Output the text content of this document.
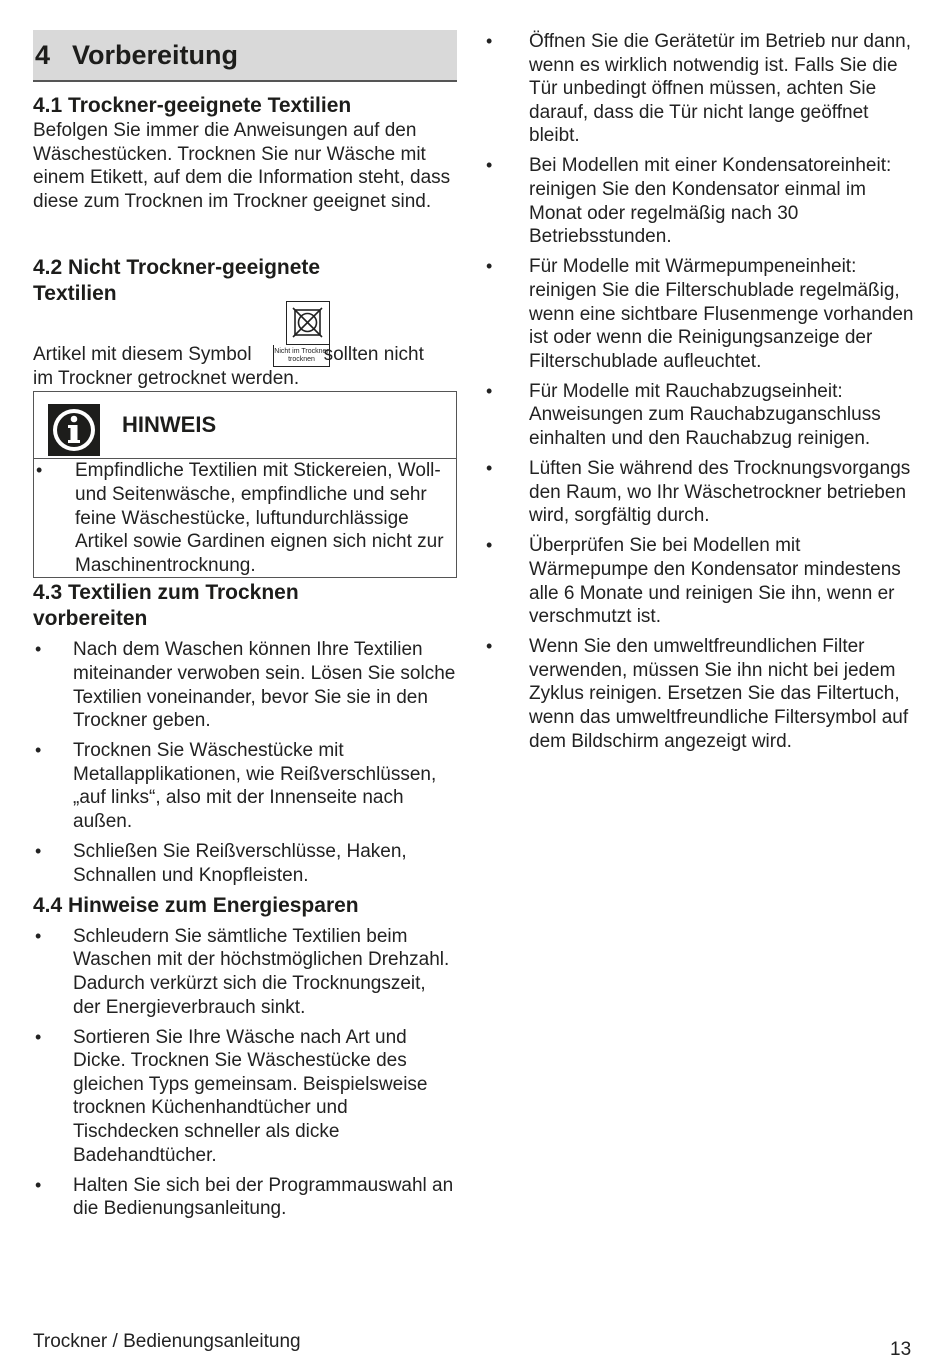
4 Vorbereitung
4.1 Trockner-geeignete Textilien

Befolgen Sie immer die Anweisungen auf den Wäschestücken. Trocknen Sie nur Wäsche mit einem Etikett, auf dem die Information steht, dass diese zum Trocknen im Trockner geeignet sind.

4.2 Nicht Trockner-geeignete
Textilien
Nicht im Trockner trocknen
Artikel mit diesem Symbol	sollten nicht
im Trockner getrocknet werden.
HINWEIS
• Empfindliche Textilien mit Stickereien, Woll- und Seitenwäsche, empfindliche und sehr feine Wäschestücke, luftundurchlässige Artikel sowie Gardinen eignen sich nicht zur Maschinentrocknung.
4.3 Textilien zum Trocknen
vorbereiten
• Nach dem Waschen können Ihre Textilien miteinander verwoben sein. Lösen Sie solche Textilien voneinander, bevor Sie sie in den Trockner geben.
• Trocknen Sie Wäschestücke mit Metallapplikationen, wie Reißverschlüssen, „auf links“, also mit der Innenseite nach außen.
• Schließen Sie Reißverschlüsse, Haken, Schnallen und Knopfleisten.
4.4 Hinweise zum Energiesparen
• Schleudern Sie sämtliche Textilien beim Waschen mit der höchstmöglichen Drehzahl. Dadurch verkürzt sich die Trocknungszeit, der Energieverbrauch sinkt.
• Sortieren Sie Ihre Wäsche nach Art und Dicke. Trocknen Sie Wäschestücke des gleichen Typs gemeinsam. Beispielsweise trocknen Küchenhandtücher und Tischdecken schneller als dicke Badehandtücher.
• Halten Sie sich bei der Programmauswahl an die Bedienungsanleitung.
• Öffnen Sie die Gerätetür im Betrieb nur dann, wenn es wirklich notwendig ist. Falls Sie die Tür unbedingt öffnen müssen, achten Sie darauf, dass die Tür nicht lange geöffnet bleibt.
• Bei Modellen mit einer Kondensatoreinheit: reinigen Sie den Kondensator einmal im Monat oder regelmäßig nach 30 Betriebsstunden.
• Für Modelle mit Wärmepumpeneinheit: reinigen Sie die Filterschublade regelmäßig, wenn eine sichtbare Flusenmenge vorhanden ist oder wenn die Reinigungsanzeige der Filterschublade aufleuchtet.
• Für Modelle mit Rauchabzugseinheit: Anweisungen zum Rauchabzuganschluss einhalten und den Rauchabzug reinigen.
• Lüften Sie während des Trocknungsvorgangs den Raum, wo Ihr Wäschetrockner betrieben wird, sorgfältig durch.
• Überprüfen Sie bei Modellen mit Wärmepumpe den Kondensator mindestens alle 6 Monate und reinigen Sie ihn, wenn er verschmutzt ist.
• Wenn Sie den umweltfreundlichen Filter verwenden, müssen Sie ihn nicht bei jedem Zyklus reinigen. Ersetzen Sie das Filtertuch, wenn das umweltfreundliche Filtersymbol auf dem Bildschirm angezeigt wird.
Trockner / Bedienungsanleitung	13
